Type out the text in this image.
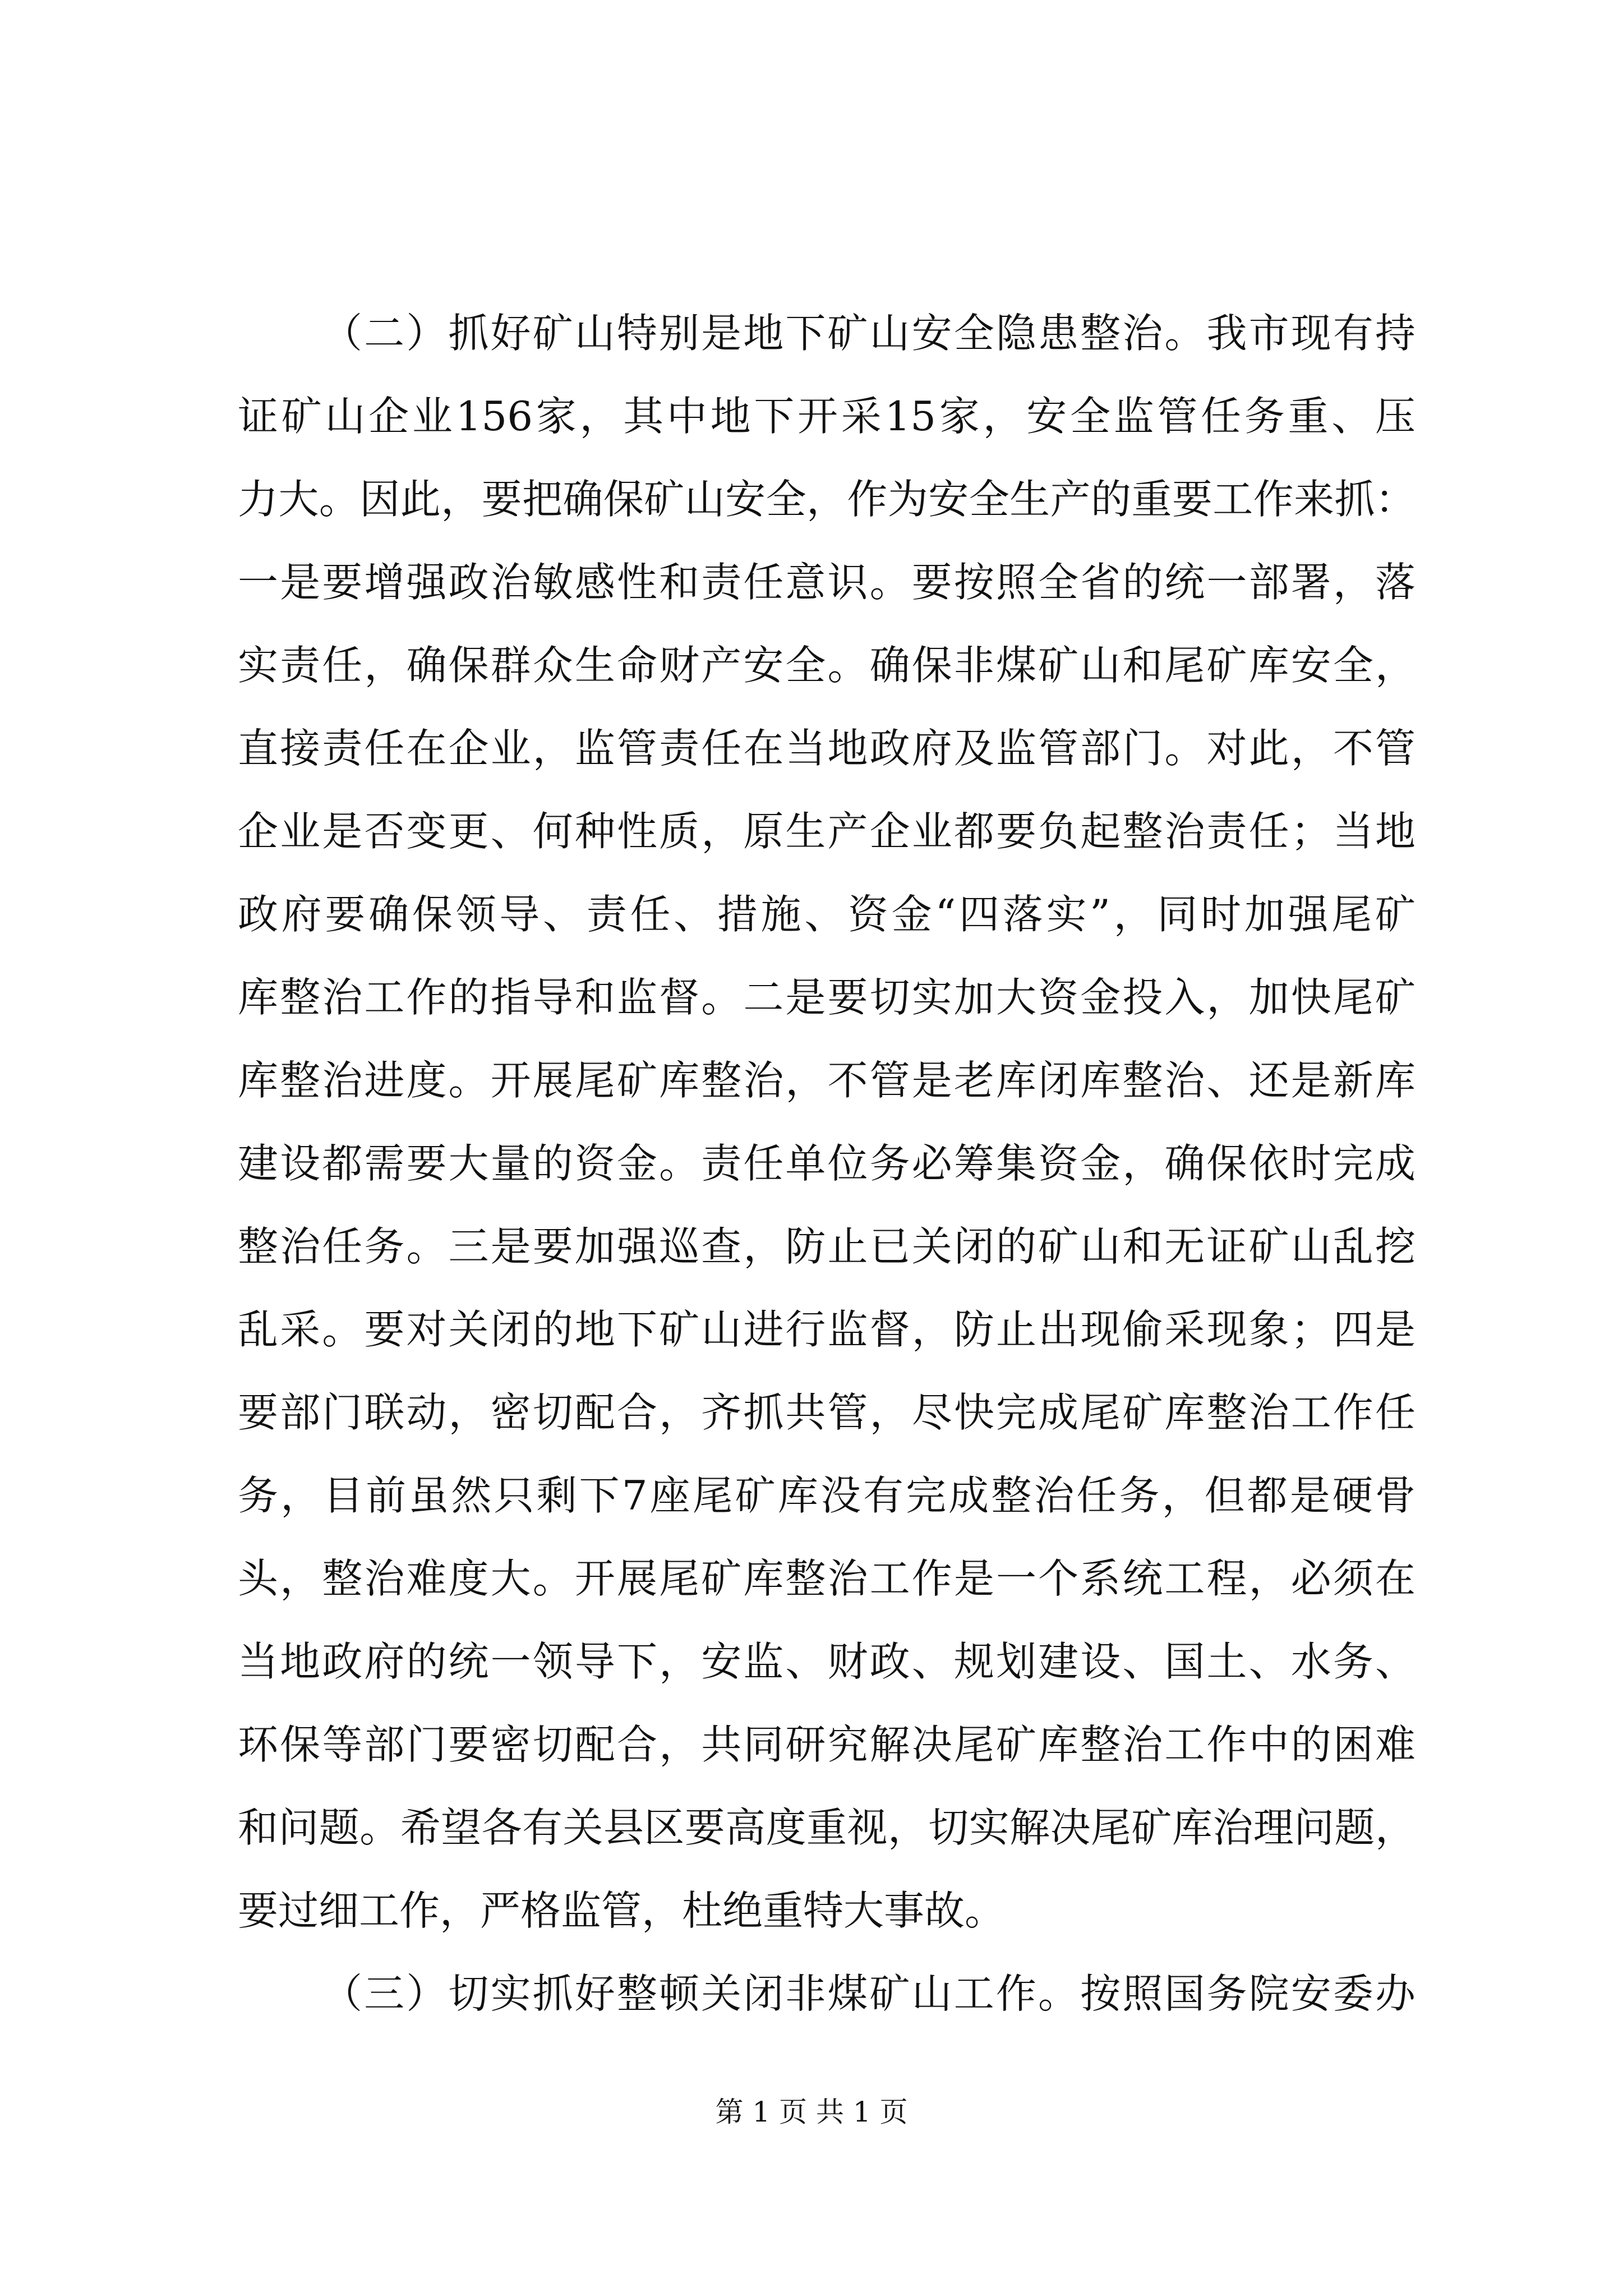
（二）抓好矿山特别是地下矿山安全隐患整治。我市现有持
证矿山企业156家，其中地下开采15家，安全监管任务重、压
力大。因此，要把确保矿山安全，作为安全生产的重要工作来抓：
一是要增强政治敏感性和责任意识。要按照全省的统一部署，落
实责任，确保群众生命财产安全。确保非煤矿山和尾矿库安全，
直接责任在企业，监管责任在当地政府及监管部门。对此，不管
企业是否变更、何种性质，原生产企业都要负起整治责任；当地
政府要确保领导、责任、措施、资金“四落实”，同时加强尾矿
库整治工作的指导和监督。二是要切实加大资金投入，加快尾矿
库整治进度。开展尾矿库整治，不管是老库闭库整治、还是新库
建设都需要大量的资金。责任单位务必筹集资金，确保依时完成
整治任务。三是要加强巡查，防止已关闭的矿山和无证矿山乱挖
乱采。要对关闭的地下矿山进行监督，防止出现偷采现象；四是
要部门联动，密切配合，齐抓共管，尽快完成尾矿库整治工作任
务，目前虽然只剩下7座尾矿库没有完成整治任务，但都是硬骨
头，整治难度大。开展尾矿库整治工作是一个系统工程，必须在
当地政府的统一领导下，安监、财政、规划建设、国土、水务、
环保等部门要密切配合，共同研究解决尾矿库整治工作中的困难
和问题。希望各有关县区要高度重视，切实解决尾矿库治理问题，
要过细工作，严格监管，杜绝重特大事故。
（三）切实抓好整顿关闭非煤矿山工作。按照国务院安委办
第 1 页 共 1 页
